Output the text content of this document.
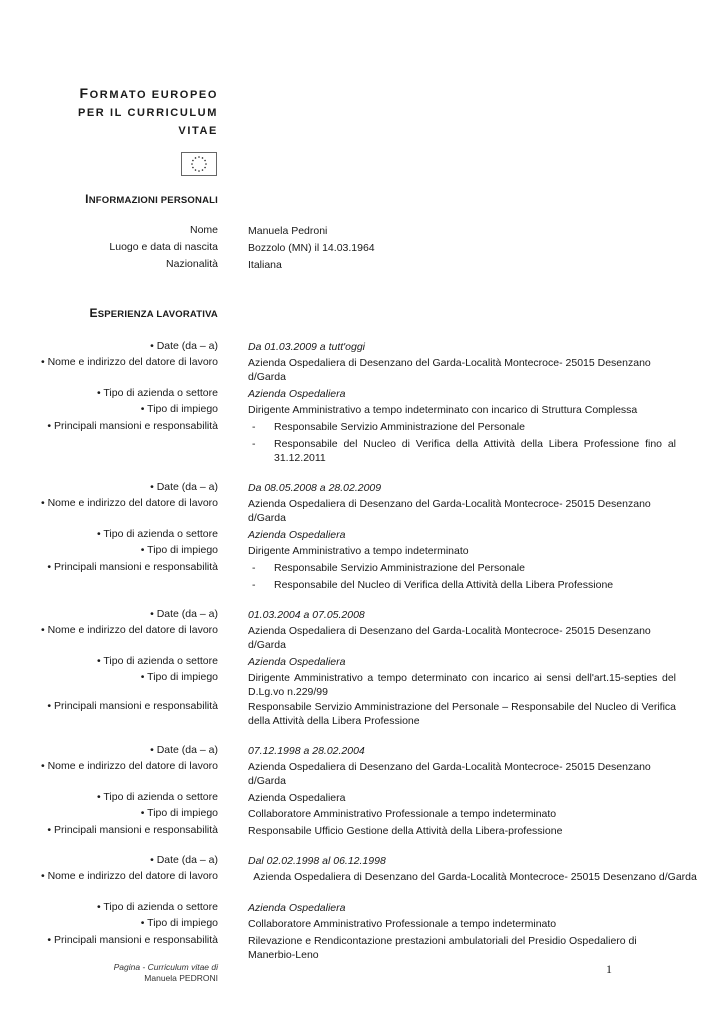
FORMATO EUROPEO
PER IL CURRICULUM
VITAE
INFORMAZIONI PERSONALI
Nome	Manuela Pedroni
Luogo e data di nascita	Bozzolo (MN) il 14.03.1964
Nazionalità	Italiana
ESPERIENZA LAVORATIVA
• Date (da – a)	Da 01.03.2009 a tutt'oggi
• Nome e indirizzo del datore di lavoro	Azienda Ospedaliera di Desenzano del Garda-Località Montecroce- 25015 Desenzano d/Garda
• Tipo di azienda o settore	Azienda Ospedaliera
• Tipo di impiego	Dirigente Amministrativo a tempo indeterminato con incarico di Struttura Complessa
• Principali mansioni e responsabilità	- Responsabile Servizio Amministrazione del Personale
- Responsabile del Nucleo di Verifica della Attività della Libera Professione fino al 31.12.2011
• Date (da – a)	Da 08.05.2008 a 28.02.2009
• Nome e indirizzo del datore di lavoro	Azienda Ospedaliera di Desenzano del Garda-Località Montecroce- 25015 Desenzano d/Garda
• Tipo di azienda o settore	Azienda Ospedaliera
• Tipo di impiego	Dirigente Amministrativo a tempo indeterminato
• Principali mansioni e responsabilità	- Responsabile Servizio Amministrazione del Personale
- Responsabile del Nucleo di Verifica della Attività della Libera Professione
• Date (da – a)	01.03.2004 a 07.05.2008
• Nome e indirizzo del datore di lavoro	Azienda Ospedaliera di Desenzano del Garda-Località Montecroce- 25015 Desenzano d/Garda
• Tipo di azienda o settore	Azienda Ospedaliera
• Tipo di impiego	Dirigente Amministrativo a tempo determinato con incarico ai sensi dell'art.15-septies del D.Lg.vo n.229/99
• Principali mansioni e responsabilità	Responsabile Servizio Amministrazione del Personale – Responsabile del Nucleo di Verifica della Attività della Libera Professione
• Date (da – a)	07.12.1998 a 28.02.2004
• Nome e indirizzo del datore di lavoro	Azienda Ospedaliera di Desenzano del Garda-Località Montecroce- 25015 Desenzano d/Garda
• Tipo di azienda o settore	Azienda Ospedaliera
• Tipo di impiego	Collaboratore Amministrativo Professionale a tempo indeterminato
• Principali mansioni e responsabilità	Responsabile Ufficio Gestione della Attività della Libera-professione
• Date (da – a)	Dal 02.02.1998 al 06.12.1998
• Nome e indirizzo del datore di lavoro	Azienda Ospedaliera di Desenzano del Garda-Località Montecroce- 25015 Desenzano d/Garda
• Tipo di azienda o settore	Azienda Ospedaliera
• Tipo di impiego	Collaboratore Amministrativo Professionale a tempo indeterminato
• Principali mansioni e responsabilità	Rilevazione e Rendicontazione prestazioni ambulatoriali del Presidio Ospedaliero di Manerbio-Leno
Pagina - Curriculum vitae di
Manuela PEDRONI
1
